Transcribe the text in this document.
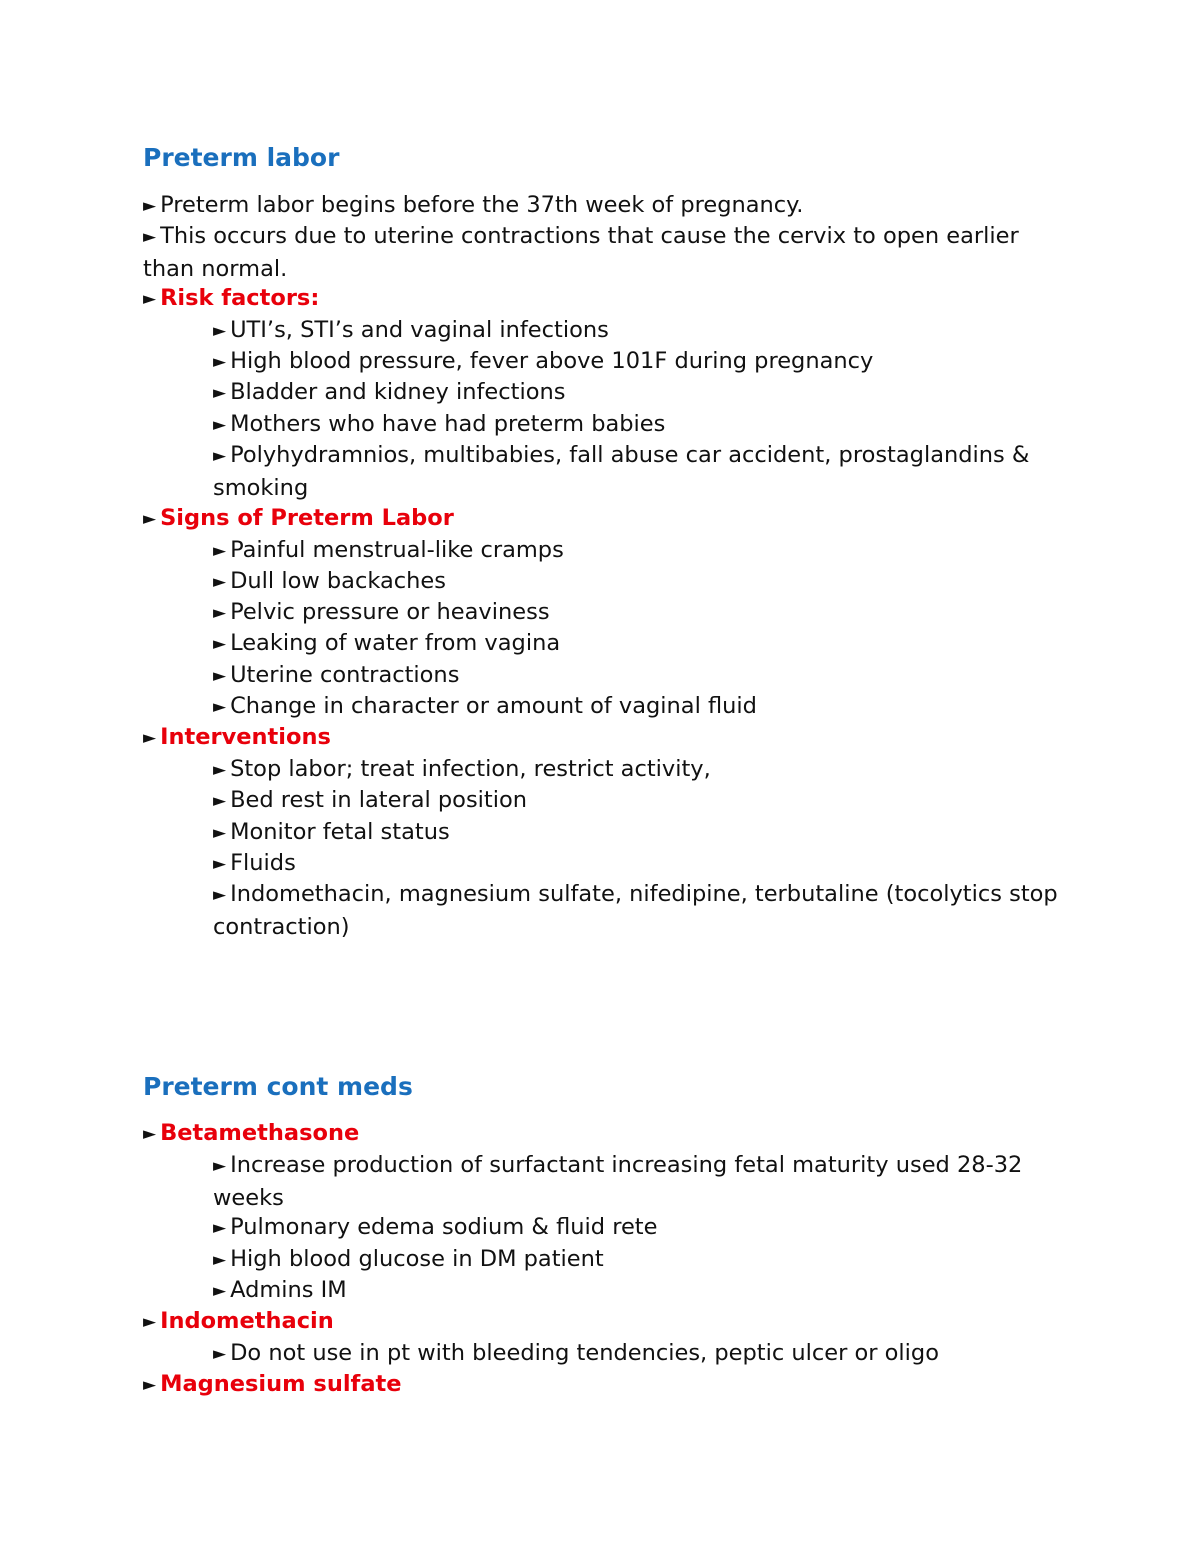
Preterm labor
► Preterm labor begins before the 37th week of pregnancy.
► This occurs due to uterine contractions that cause the cervix to open earlier than normal.
► Risk factors:
► UTI’s, STI’s and vaginal infections
► High blood pressure, fever above 101F during pregnancy
► Bladder and kidney infections
► Mothers who have had preterm babies
► Polyhydramnios, multibabies, fall abuse car accident, prostaglandins & smoking
► Signs of Preterm Labor
► Painful menstrual-like cramps
► Dull low backaches
► Pelvic pressure or heaviness
► Leaking of water from vagina
► Uterine contractions
► Change in character or amount of vaginal fluid
► Interventions
► Stop labor; treat infection, restrict activity,
► Bed rest in lateral position
► Monitor fetal status
► Fluids
► Indomethacin, magnesium sulfate, nifedipine, terbutaline (tocolytics stop contraction)
Preterm cont meds
► Betamethasone
► Increase production of surfactant increasing fetal maturity used 28-32 weeks
► Pulmonary edema sodium & fluid rete
► High blood glucose in DM patient
► Admins IM
► Indomethacin
► Do not use in pt with bleeding tendencies, peptic ulcer or oligo
► Magnesium sulfate
